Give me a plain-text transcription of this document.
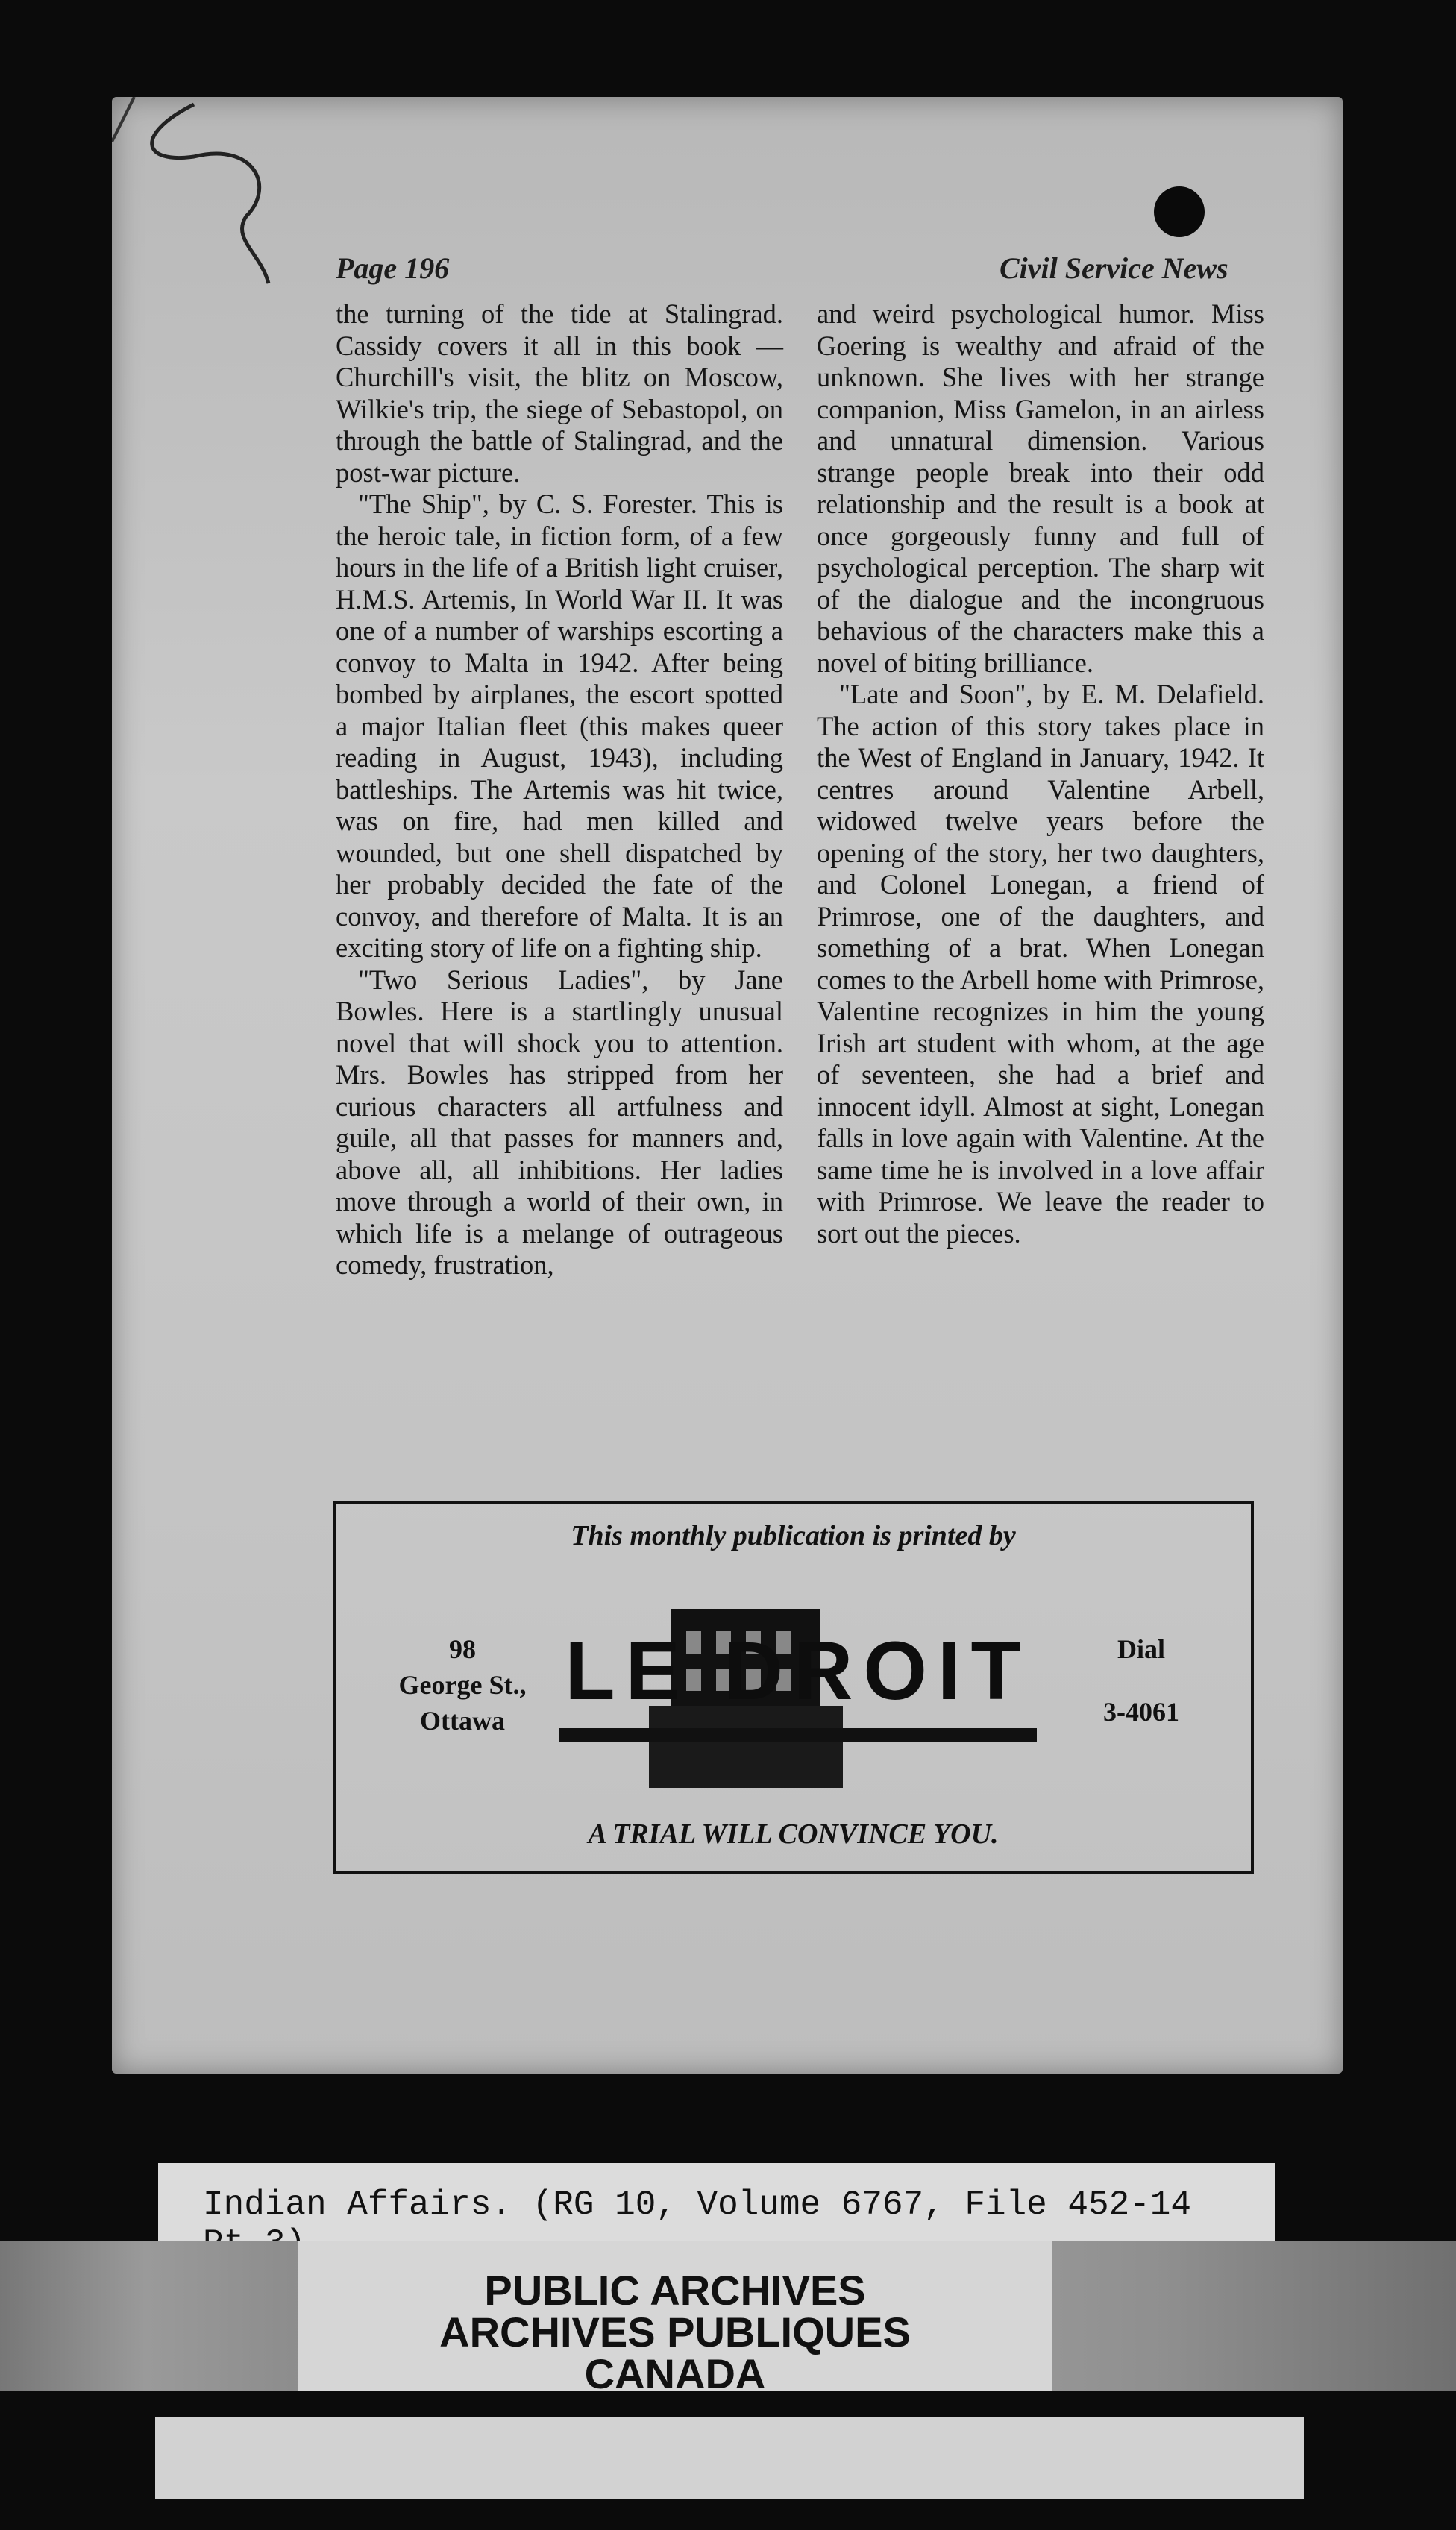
Page 196	Civil Service News

the turning of the tide at Stalingrad. Cassidy covers it all in this book —Churchill's visit, the blitz on Moscow, Wilkie's trip, the siege of Sebastopol, on through the battle of Stalingrad, and the post-war picture.

"The Ship", by C. S. Forester. This is the heroic tale, in fiction form, of a few hours in the life of a British light cruiser, H.M.S. Artemis, In World War II. It was one of a number of warships escorting a convoy to Malta in 1942. After being bombed by airplanes, the escort spotted a major Italian fleet (this makes queer reading in August, 1943), including battleships. The Artemis was hit twice, was on fire, had men killed and wounded, but one shell dispatched by her probably decided the fate of the convoy, and therefore of Malta. It is an exciting story of life on a fighting ship.

"Two Serious Ladies", by Jane Bowles. Here is a startlingly unusual novel that will shock you to attention. Mrs. Bowles has stripped from her curious characters all artfulness and guile, all that passes for manners and, above all, all inhibitions. Her ladies move through a world of their own, in which life is a melange of outrageous comedy, frustration,

and weird psychological humor. Miss Goering is wealthy and afraid of the unknown. She lives with her strange companion, Miss Gamelon, in an airless and unnatural dimension. Various strange people break into their odd relationship and the result is a book at once gorgeously funny and full of psychological perception. The sharp wit of the dialogue and the incongruous behavious of the characters make this a novel of biting brilliance.

"Late and Soon", by E. M. Delafield. The action of this story takes place in the West of England in January, 1942. It centres around Valentine Arbell, widowed twelve years before the opening of the story, her two daughters, and Colonel Lonegan, a friend of Primrose, one of the daughters, and something of a brat. When Lonegan comes to the Arbell home with Primrose, Valentine recognizes in him the young Irish art student with whom, at the age of seventeen, she had a brief and innocent idyll. Almost at sight, Lonegan falls in love again with Valentine. At the same time he is involved in a love affair with Primrose. We leave the reader to sort out the pieces.

This monthly publication is printed by
98
George St.,
Ottawa
LE DROIT	Dial
3-4061
A TRIAL WILL CONVINCE YOU.
Indian Affairs. (RG 10, Volume 6767, File 452-14
PUBLIC ARCHIVES
ARCHIVES PUBLIQUES
CANADA
